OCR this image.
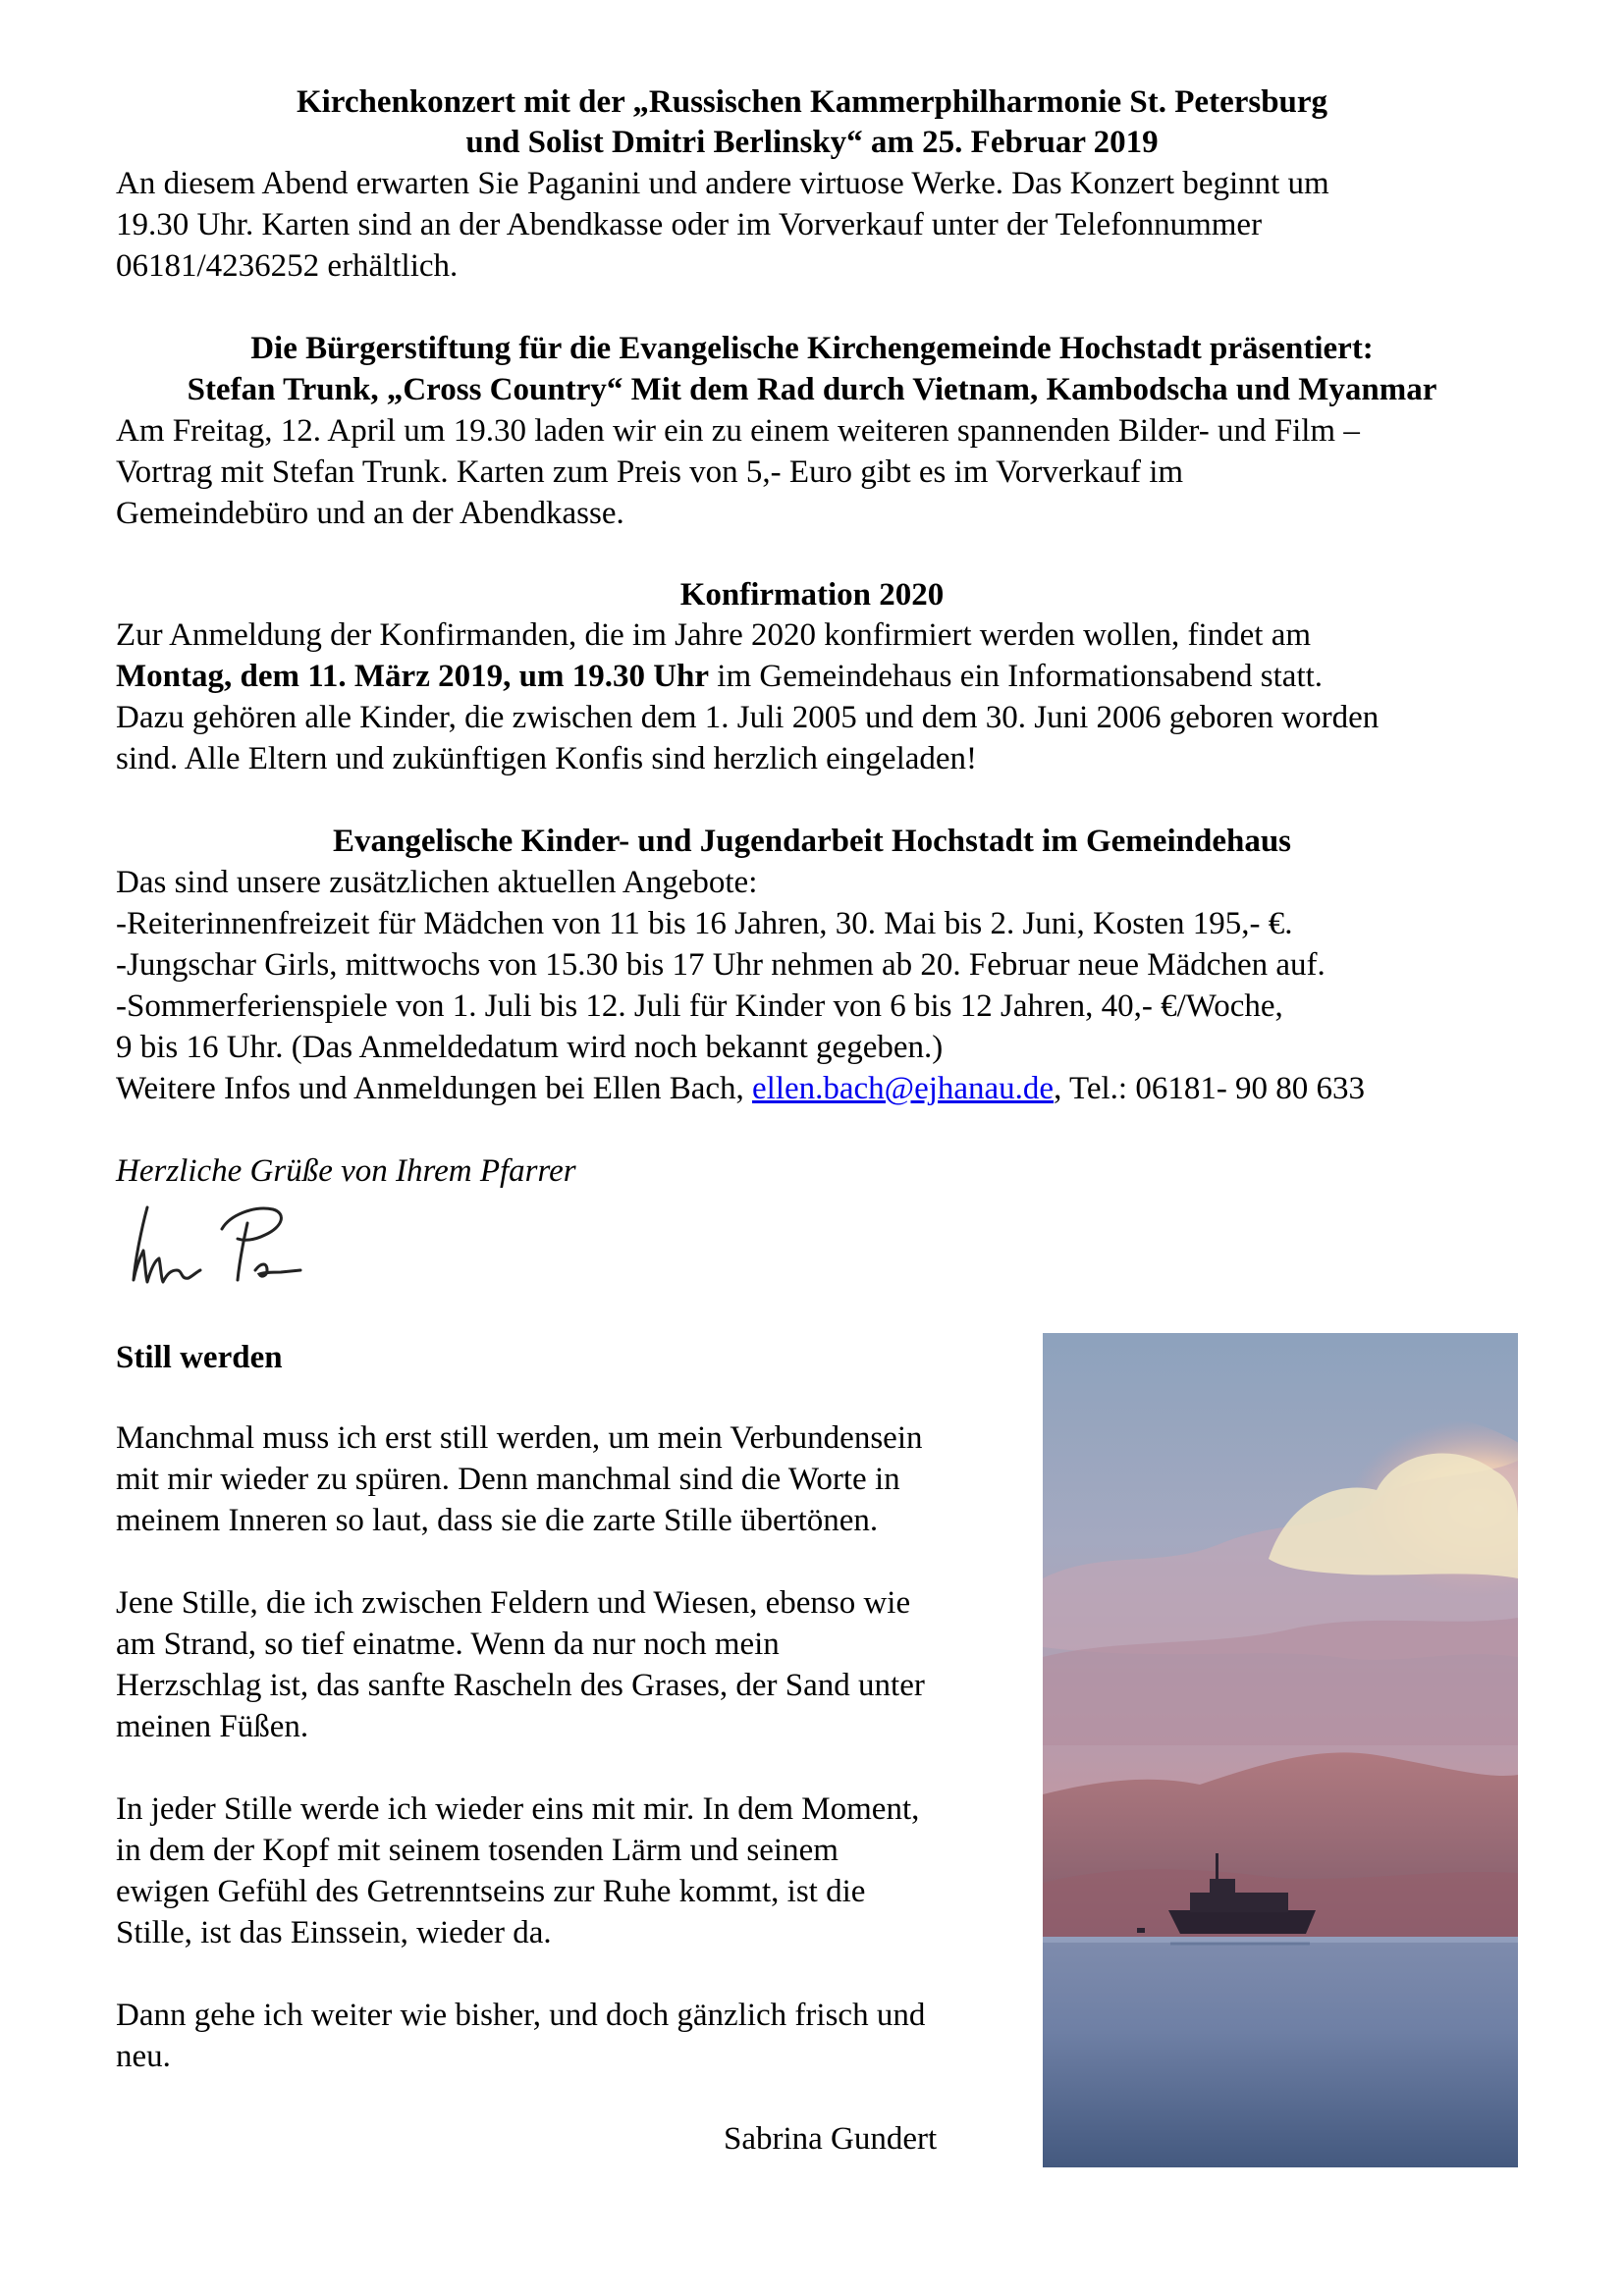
Kirchenkonzert mit der „Russischen Kammerphilharmonie St. Petersburg
und Solist Dmitri Berlinsky“ am 25. Februar 2019
An diesem Abend erwarten Sie Paganini und andere virtuose Werke. Das Konzert beginnt um
19.30 Uhr. Karten sind an der Abendkasse oder im Vorverkauf unter der Telefonnummer
06181/4236252 erhältlich.
Die Bürgerstiftung für die Evangelische Kirchengemeinde Hochstadt präsentiert:
Stefan Trunk, „Cross Country“ Mit dem Rad durch Vietnam, Kambodscha und Myanmar
Am Freitag, 12. April um 19.30 laden wir ein zu einem weiteren spannenden Bilder- und Film –
Vortrag mit Stefan Trunk. Karten zum Preis von 5,- Euro gibt es im Vorverkauf im
Gemeindebüro und an der Abendkasse.
Konfirmation 2020
Zur Anmeldung der Konfirmanden, die im Jahre 2020 konfirmiert werden wollen, findet am
Montag, dem 11. März 2019, um 19.30 Uhr im Gemeindehaus ein Informationsabend statt.
Dazu gehören alle Kinder, die zwischen dem 1. Juli 2005 und dem 30. Juni 2006 geboren worden
sind. Alle Eltern und zukünftigen Konfis sind herzlich eingeladen!
Evangelische Kinder- und Jugendarbeit Hochstadt im Gemeindehaus
Das sind unsere zusätzlichen aktuellen Angebote:
-Reiterinnenfreizeit für Mädchen von 11 bis 16 Jahren, 30. Mai bis 2. Juni, Kosten 195,- €.
-Jungschar Girls, mittwochs von 15.30 bis 17 Uhr nehmen ab 20. Februar neue Mädchen auf.
-Sommerferienspiele von 1. Juli bis 12. Juli für Kinder von 6 bis 12 Jahren, 40,- €/Woche,
9 bis 16 Uhr. (Das Anmeldedatum wird noch bekannt gegeben.)
Weitere Infos und Anmeldungen bei Ellen Bach, ellen.bach@ejhanau.de, Tel.: 06181- 90 80 633
Herzliche Grüße von Ihrem Pfarrer
Still werden
Manchmal muss ich erst still werden, um mein Verbundensein
mit mir wieder zu spüren. Denn manchmal sind die Worte in
meinem Inneren so laut, dass sie die zarte Stille übertönen.
Jene Stille, die ich zwischen Feldern und Wiesen, ebenso wie
am Strand, so tief einatme. Wenn da nur noch mein
Herzschlag ist, das sanfte Rascheln des Grases, der Sand unter
meinen Füßen.
In jeder Stille werde ich wieder eins mit mir. In dem Moment,
in dem der Kopf mit seinem tosenden Lärm und seinem
ewigen Gefühl des Getrenntseins zur Ruhe kommt, ist die
Stille, ist das Einssein, wieder da.
Dann gehe ich weiter wie bisher, und doch gänzlich frisch und
neu.
Sabrina Gundert
